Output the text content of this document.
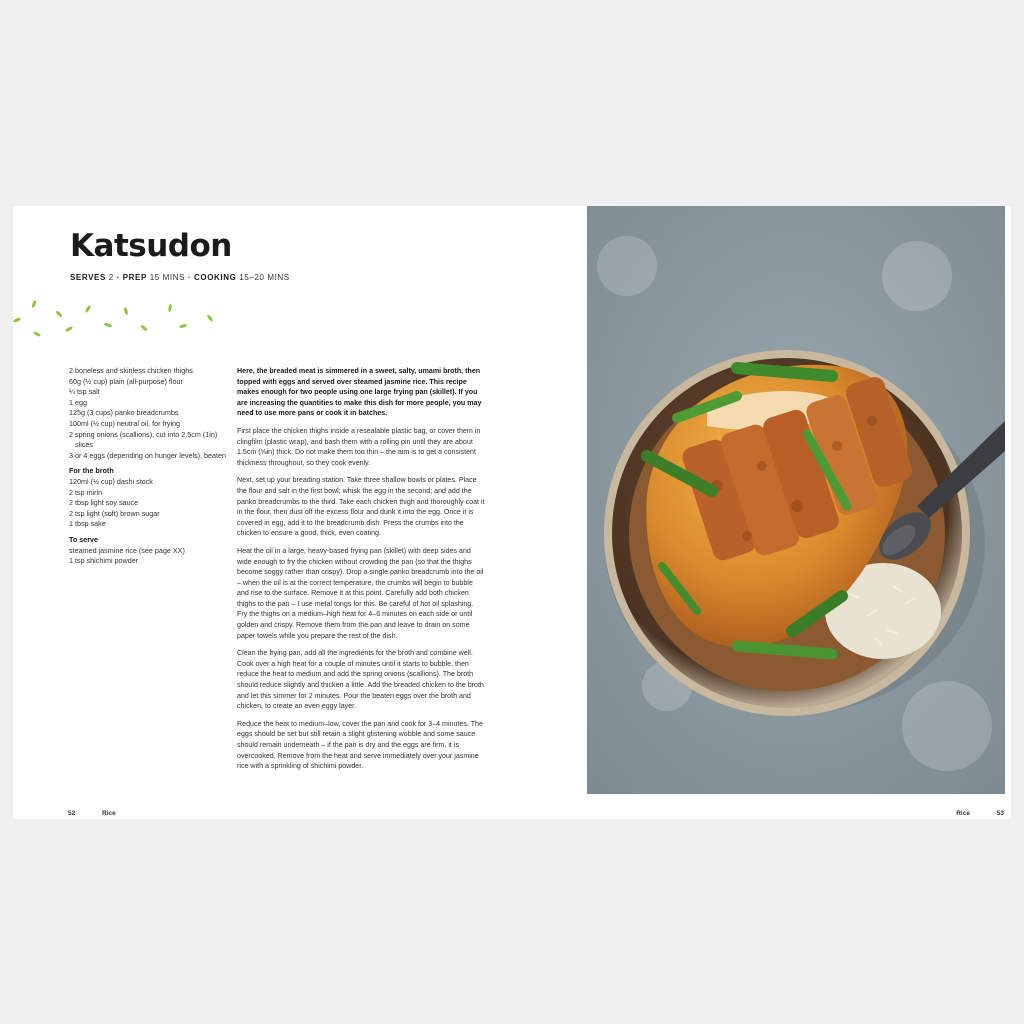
Katsudon
SERVES 2 · PREP 15 MINS · COOKING 15–20 MINS
2 boneless and skinless chicken thighs
60g (½ cup) plain (all-purpose) flour
¼ tsp salt
1 egg
125g (3 cups) panko breadcrumbs
100ml (½ cup) neutral oil, for frying
2 spring onions (scallions), cut into 2.5cm (1in) slices
3 or 4 eggs (depending on hunger levels), beaten
For the broth
120ml (½ cup) dashi stock
2 tsp mirin
2 tbsp light soy sauce
2 tsp light (soft) brown sugar
1 tbsp sake
To serve
steamed jasmine rice (see page XX)
1 tsp shichimi powder

Here, the breaded meat is simmered in a sweet, salty, umami broth, then topped with eggs and served over steamed jasmine rice. This recipe makes enough for two people using one large frying pan (skillet). If you are increasing the quantities to make this dish for more people, you may need to use more pans or cook it in batches.

First place the chicken thighs inside a resealable plastic bag, or cover them in clingfilm (plastic wrap), and bash them with a rolling pin until they are about 1.5cm (⅝in) thick. Do not make them too thin – the aim is to get a consistent thickness throughout, so they cook evenly.

Next, set up your breading station. Take three shallow bowls or plates. Place the flour and salt in the first bowl; whisk the egg in the second; and add the panko breadcrumbs to the third. Take each chicken thigh and thoroughly coat it in the flour, then dust off the excess flour and dunk it into the egg. Once it is covered in egg, add it to the breadcrumb dish. Press the crumbs into the chicken to ensure a good, thick, even coating.

Heat the oil in a large, heavy-based frying pan (skillet) with deep sides and wide enough to fry the chicken without crowding the pan (so that the thighs become soggy rather than crispy). Drop a single panko breadcrumb into the oil – when the oil is at the correct temperature, the crumbs will begin to bubble and rise to the surface. Remove it at this point. Carefully add both chicken thighs to the pan – I use metal tongs for this. Be careful of hot oil splashing. Fry the thighs on a medium–high heat for 4–6 minutes on each side or until golden and crispy. Remove them from the pan and leave to drain on some paper towels while you prepare the rest of the dish.

Clean the frying pan, add all the ingredients for the broth and combine well. Cook over a high heat for a couple of minutes until it starts to bubble, then reduce the heat to medium and add the spring onions (scallions). The broth should reduce slightly and thicken a little. Add the breaded chicken to the broth and let this simmer for 2 minutes. Pour the beaten eggs over the broth and chicken, to create an even eggy layer.

Reduce the heat to medium–low, cover the pan and cook for 3–4 minutes. The eggs should be set but still retain a slight glistening wobble and some sauce should remain underneath – if the pan is dry and the eggs are firm, it is overcooked. Remove from the heat and serve immediately over your jasmine rice with a sprinkling of shichimi powder.

52	Rice	Rice	53
